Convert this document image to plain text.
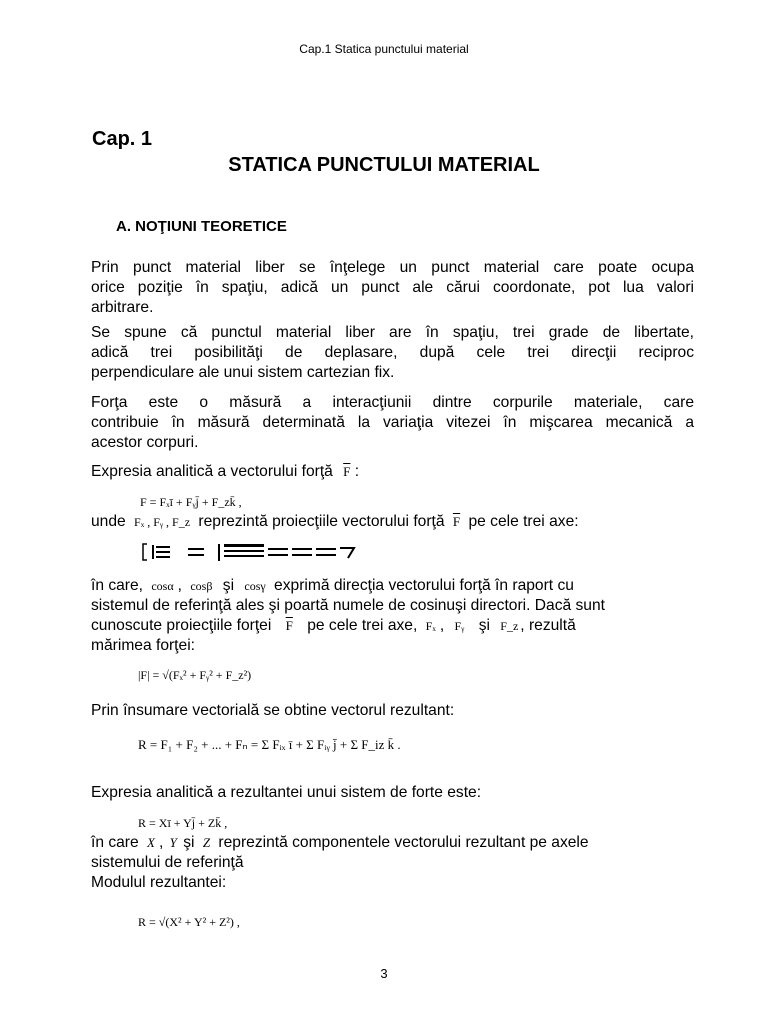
Cap.1 Statica punctului material
Cap. 1
STATICA PUNCTULUI MATERIAL
A. NOŢIUNI TEORETICE
Prin punct material liber se înţelege un punct material care poate ocupa
orice poziţie în spaţiu, adică un punct ale cărui coordonate, pot lua valori
arbitrare.
Se spune că punctul material liber are în spaţiu, trei grade de libertate,
adică trei posibilităţi de deplasare, după cele trei direcţii reciproc
perpendiculare ale unui sistem cartezian fix.
Forţa este o măsură a interacţiunii dintre corpurile materiale, care
contribuie în măsură determinată la variaţia vitezei în mişcarea mecanică a
acestor corpuri.
Expresia analitică a vectorului forţă $\overline{F}$ :
F = Fₓī + Fᵧj̄ + F_zk̄ ,
unde Fₓ , Fᵧ , F_z reprezintă proiecţiile vectorului forţă $\overline{F}$ pe cele trei axe:
în care, cosα , cosβ şi cosγ exprimă direcţia vectorului forţă în raport cu
sistemul de referinţă ales şi poartă numele de cosinuşi directori. Dacă sunt
cunoscute proiecţiile forţei $\overline{F}$ pe cele trei axe, Fₓ , Fᵧ şi F_z , rezultă
mărimea forţei:
|F| = √(Fₓ² + Fᵧ² + F_z²)
Prin însumare vectorială se obtine vectorul rezultant:
R = F₁ + F₂ + ... + Fₙ = Σ Fᵢₓ ī + Σ Fᵢᵧ j̄ + Σ F_iz k̄ .
Expresia analitică a rezultantei unui sistem de forte este:
R = Xī + Yj̄ + Zk̄ ,
în care X , Y şi Z reprezintă componentele vectorului rezultant pe axele
sistemului de referinţă
Modulul rezultantei:
R = √(X² + Y² + Z²) ,
3
